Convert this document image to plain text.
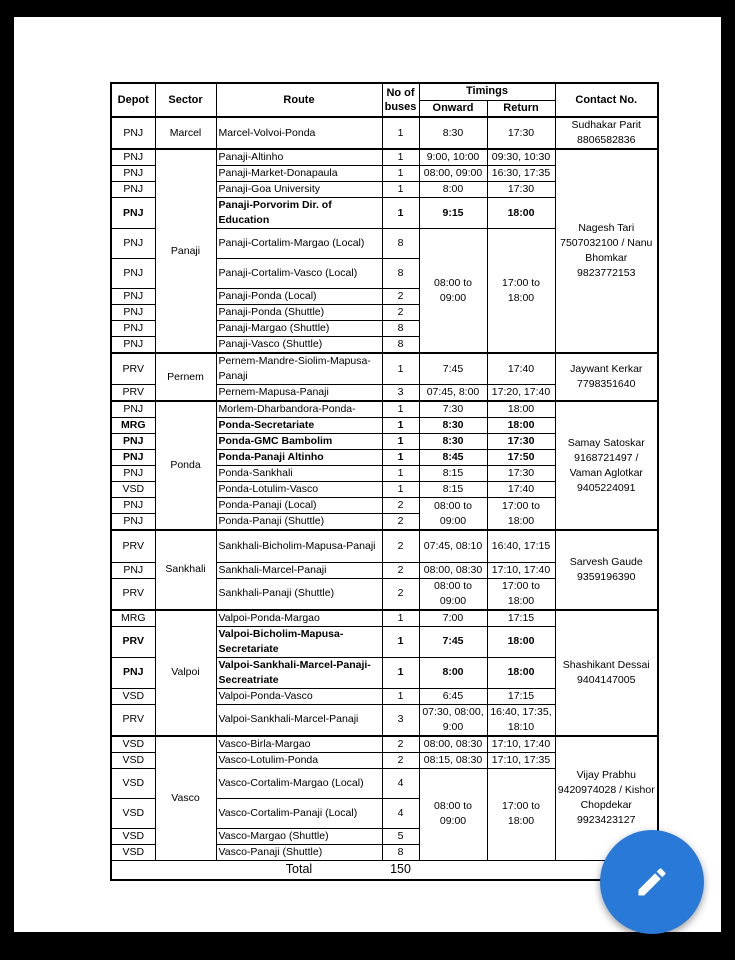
Depot	Sector	Route	No of buses	Timings		Contact No.
				Onward	Return	
PNJ	Marcel	Marcel-Volvoi-Ponda	1	8:30	17:30	Sudhakar Parit 8806582836
PNJ	Panaji	Panaji-Altinho	1	9:00, 10:00	09:30, 10:30	Nagesh Tari 7507032100 / Nanu Bhomkar 9823772153
PNJ		Panaji-Market-Donapaula	1	08:00, 09:00	16:30, 17:35	
PNJ		Panaji-Goa University	1	8:00	17:30	
PNJ		Panaji-Porvorim Dir. of Education	1	9:15	18:00	
PNJ		Panaji-Cortalim-Margao (Local)	8	08:00 to 09:00	17:00 to 18:00	
PNJ		Panaji-Cortalim-Vasco (Local)	8			
PNJ		Panaji-Ponda (Local)	2			
PNJ		Panaji-Ponda (Shuttle)	2			
PNJ		Panaji-Margao (Shuttle)	8			
PNJ		Panaji-Vasco (Shuttle)	8			
PRV	Pernem	Pernem-Mandre-Siolim-Mapusa-Panaji	1	7:45	17:40	Jaywant Kerkar 7798351640
PRV		Pernem-Mapusa-Panaji	3	07:45, 8:00	17:20, 17:40	
PNJ	Ponda	Morlem-Dharbandora-Ponda-	1	7:30	18:00	Samay Satoskar 9168721497 / Vaman Aglotkar 9405224091
MRG		Ponda-Secretariate	1	8:30	18:00	
PNJ		Ponda-GMC Bambolim	1	8:30	17:30	
PNJ		Ponda-Panaji Altinho	1	8:45	17:50	
PNJ		Ponda-Sankhali	1	8:15	17:30	
VSD		Ponda-Lotulim-Vasco	1	8:15	17:40	
PNJ		Ponda-Panaji (Local)	2	08:00 to 09:00	17:00 to 18:00	
PNJ		Ponda-Panaji (Shuttle)	2			
PRV	Sankhali	Sankhali-Bicholim-Mapusa-Panaji	2	07:45, 08:10	16:40, 17:15	Sarvesh Gaude 9359196390
PNJ		Sankhali-Marcel-Panaji	2	08:00, 08:30	17:10, 17:40	
PRV		Sankhali-Panaji (Shuttle)	2	08:00 to 09:00	17:00 to 18:00	
MRG	Valpoi	Valpoi-Ponda-Margao	1	7:00	17:15	Shashikant Dessai 9404147005
PRV		Valpoi-Bicholim-Mapusa-Secretariate	1	7:45	18:00	
PNJ		Valpoi-Sankhali-Marcel-Panaji-Secreatriate	1	8:00	18:00	
VSD		Valpoi-Ponda-Vasco	1	6:45	17:15	
PRV		Valpoi-Sankhali-Marcel-Panaji	3	07:30, 08:00, 9:00	16:40, 17:35, 18:10	
VSD	Vasco	Vasco-Birla-Margao	2	08:00, 08:30	17:10, 17:40	Vijay Prabhu 9420974028 / Kishor Chopdekar 9923423127
VSD		Vasco-Lotulim-Ponda	2	08:15, 08:30	17:10, 17:35	
VSD		Vasco-Cortalim-Margao (Local)	4	08:00 to 09:00	17:00 to 18:00	
VSD		Vasco-Cortalim-Panaji (Local)	4			
VSD		Vasco-Margao (Shuttle)	5			
VSD		Vasco-Panaji (Shuttle)	8			
		Total	150			
